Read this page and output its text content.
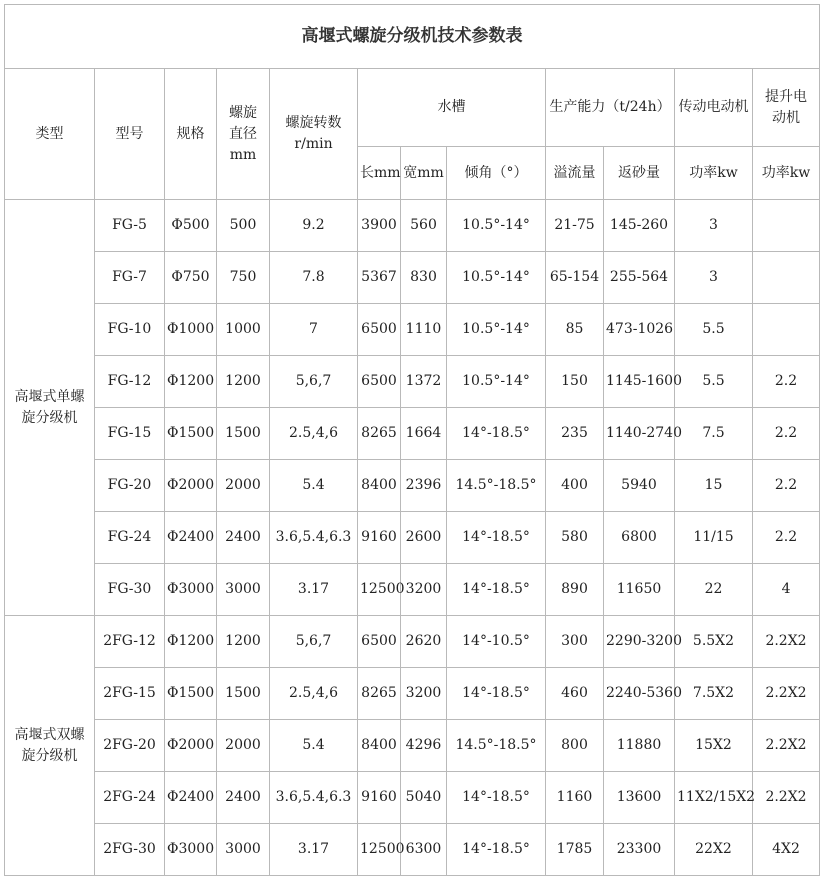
高堰式螺旋分级机技术参数表											
类型	型号	规格	螺旋直径mm	螺旋转数r/min	水槽			生产能力（t/24h）		传动电动机	提升电动机
					长mm	宽mm	倾角（°）	溢流量	返砂量	功率kw	功率kw
高堰式单螺旋分级机	FG-5	Φ500	500	9.2	3900	560	10.5°-14°	21-75	145-260	3	
	FG-7	Φ750	750	7.8	5367	830	10.5°-14°	65-154	255-564	3	
	FG-10	Φ1000	1000	7	6500	1110	10.5°-14°	85	473-1026	5.5	
	FG-12	Φ1200	1200	5,6,7	6500	1372	10.5°-14°	150	1145-1600	5.5	2.2
	FG-15	Φ1500	1500	2.5,4,6	8265	1664	14°-18.5°	235	1140-2740	7.5	2.2
	FG-20	Φ2000	2000	5.4	8400	2396	14.5°-18.5°	400	5940	15	2.2
	FG-24	Φ2400	2400	3.6,5.4,6.3	9160	2600	14°-18.5°	580	6800	11/15	2.2
	FG-30	Φ3000	3000	3.17	12500	3200	14°-18.5°	890	11650	22	4
高堰式双螺旋分级机	2FG-12	Φ1200	1200	5,6,7	6500	2620	14°-10.5°	300	2290-3200	5.5X2	2.2X2
	2FG-15	Φ1500	1500	2.5,4,6	8265	3200	14°-18.5°	460	2240-5360	7.5X2	2.2X2
	2FG-20	Φ2000	2000	5.4	8400	4296	14.5°-18.5°	800	11880	15X2	2.2X2
	2FG-24	Φ2400	2400	3.6,5.4,6.3	9160	5040	14°-18.5°	1160	13600	11X2/15X2	2.2X2
	2FG-30	Φ3000	3000	3.17	12500	6300	14°-18.5°	1785	23300	22X2	4X2
